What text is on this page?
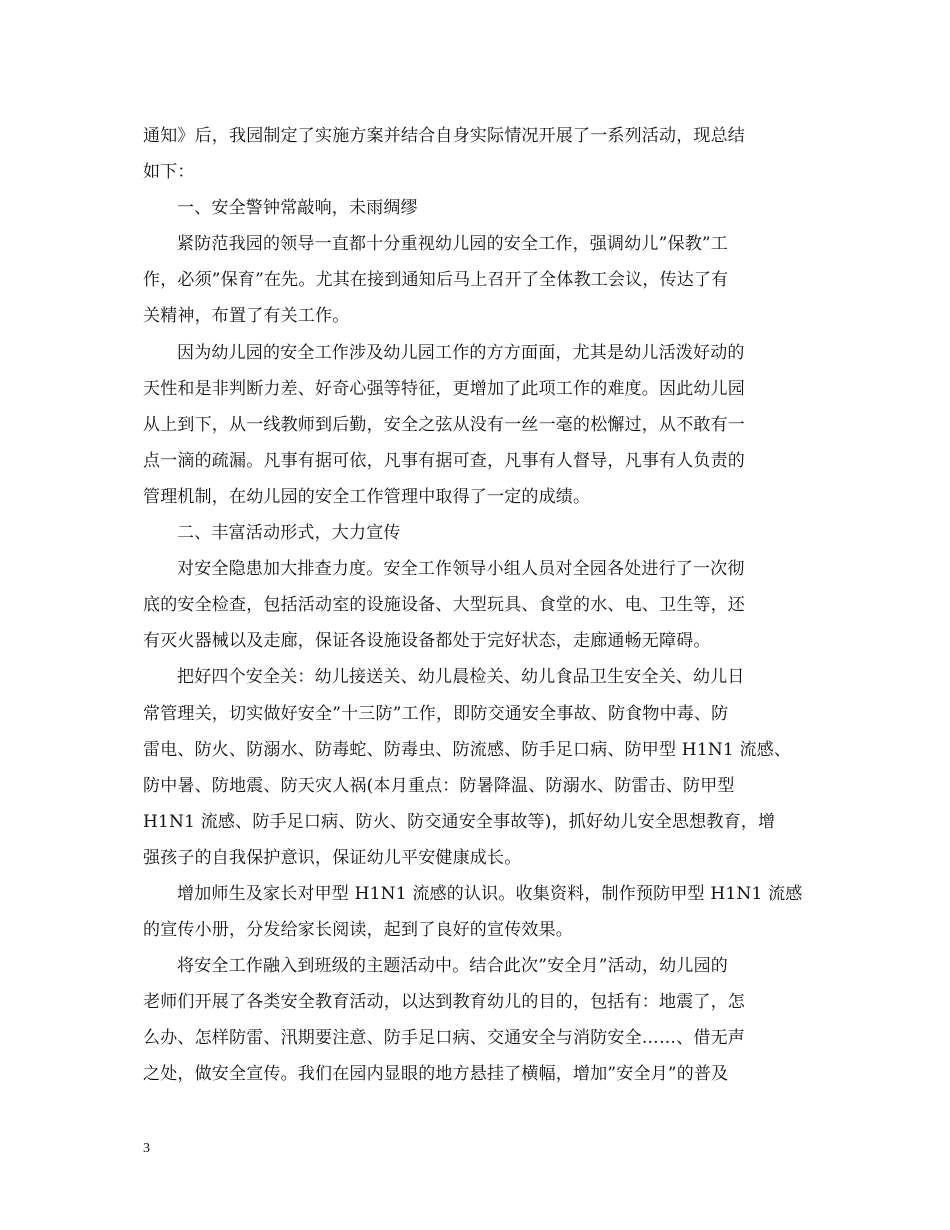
通知》后，我园制定了实施方案并结合自身实际情况开展了一系列活动，现总结
如下：
一、安全警钟常敲响，未雨绸缪
紧防范我园的领导一直都十分重视幼儿园的安全工作，强调幼儿”保教”工
作，必须”保育”在先。尤其在接到通知后马上召开了全体教工会议，传达了有
关精神，布置了有关工作。
因为幼儿园的安全工作涉及幼儿园工作的方方面面，尤其是幼儿活泼好动的
天性和是非判断力差、好奇心强等特征，更增加了此项工作的难度。因此幼儿园
从上到下，从一线教师到后勤，安全之弦从没有一丝一毫的松懈过，从不敢有一
点一滴的疏漏。凡事有据可依，凡事有据可查，凡事有人督导，凡事有人负责的
管理机制，在幼儿园的安全工作管理中取得了一定的成绩。
二、丰富活动形式，大力宣传
对安全隐患加大排查力度。安全工作领导小组人员对全园各处进行了一次彻
底的安全检查，包括活动室的设施设备、大型玩具、食堂的水、电、卫生等，还
有灭火器械以及走廊，保证各设施设备都处于完好状态，走廊通畅无障碍。
把好四个安全关：幼儿接送关、幼儿晨检关、幼儿食品卫生安全关、幼儿日
常管理关，切实做好安全”十三防”工作，即防交通安全事故、防食物中毒、防
雷电、防火、防溺水、防毒蛇、防毒虫、防流感、防手足口病、防甲型 H1N1 流感、
防中暑、防地震、防天灾人祸(本月重点：防暑降温、防溺水、防雷击、防甲型
H1N1 流感、防手足口病、防火、防交通安全事故等)，抓好幼儿安全思想教育，增
强孩子的自我保护意识，保证幼儿平安健康成长。
增加师生及家长对甲型 H1N1 流感的认识。收集资料，制作预防甲型 H1N1 流感
的宣传小册，分发给家长阅读，起到了良好的宣传效果。
将安全工作融入到班级的主题活动中。结合此次”安全月”活动，幼儿园的
老师们开展了各类安全教育活动，以达到教育幼儿的目的，包括有：地震了，怎
么办、怎样防雷、汛期要注意、防手足口病、交通安全与消防安全……、借无声
之处，做安全宣传。我们在园内显眼的地方悬挂了横幅，增加”安全月”的普及
3
